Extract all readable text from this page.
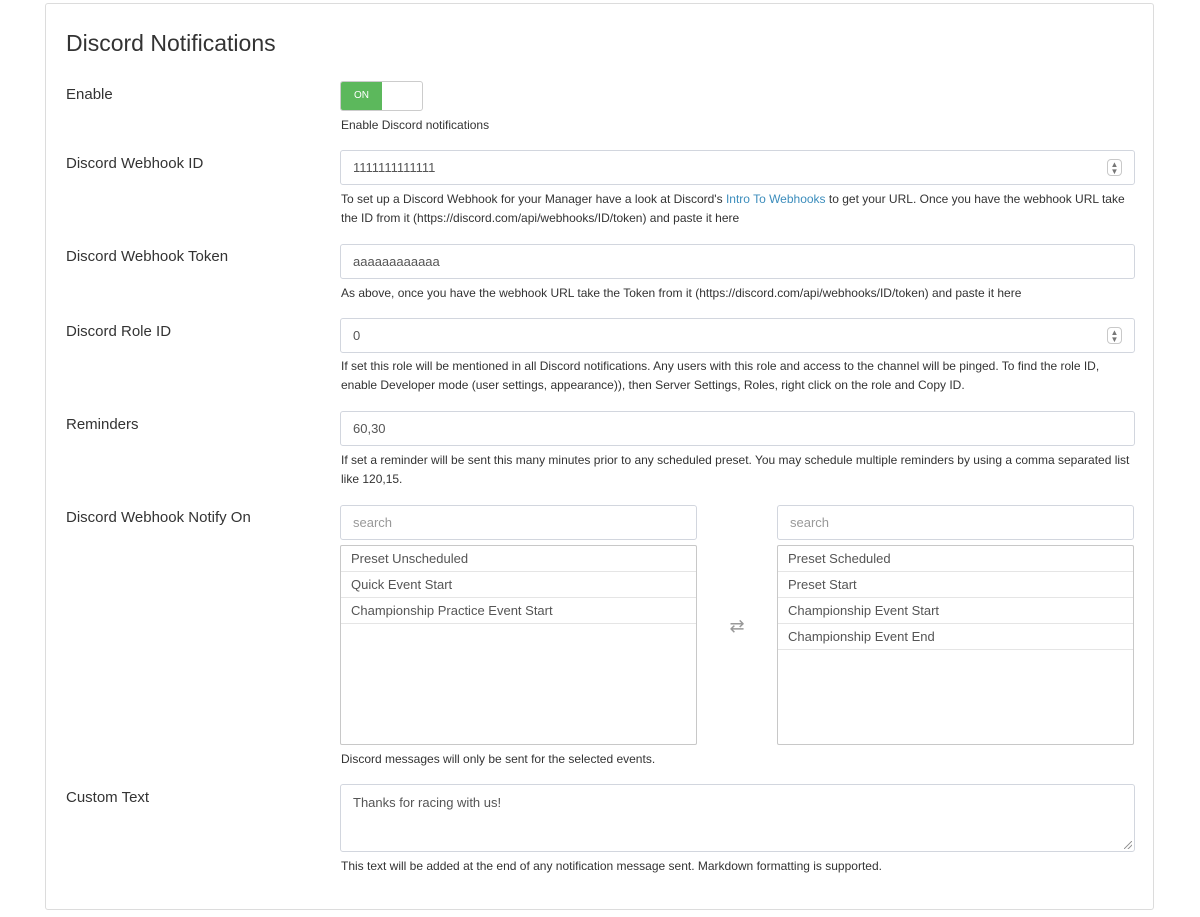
Discord Notifications
Enable	ON
Enable Discord notifications
Discord Webhook ID	1111111111111	▲
▼
To set up a Discord Webhook for your Manager have a look at Discord's Intro To Webhooks to get your URL. Once you have the webhook URL take the ID from it (https://discord.com/api/webhooks/ID/token) and paste it here
Discord Webhook Token	aaaaaaaaaaaa
As above, once you have the webhook URL take the Token from it (https://discord.com/api/webhooks/ID/token) and paste it here
Discord Role ID	0	▲
▼
If set this role will be mentioned in all Discord notifications. Any users with this role and access to the channel will be pinged. To find the role ID, enable Developer mode (user settings, appearance)), then Server Settings, Roles, right click on the role and Copy ID.
Reminders	60,30
If set a reminder will be sent this many minutes prior to any scheduled preset. You may schedule multiple reminders by using a comma separated list like 120,15.
Discord Webhook Notify On	search	search
Preset Unscheduled
Quick Event Start
Championship Practice Event Start
⇄
Preset Scheduled
Preset Start
Championship Event Start
Championship Event End
Discord messages will only be sent for the selected events.
Custom Text	Thanks for racing with us!
This text will be added at the end of any notification message sent. Markdown formatting is supported.
